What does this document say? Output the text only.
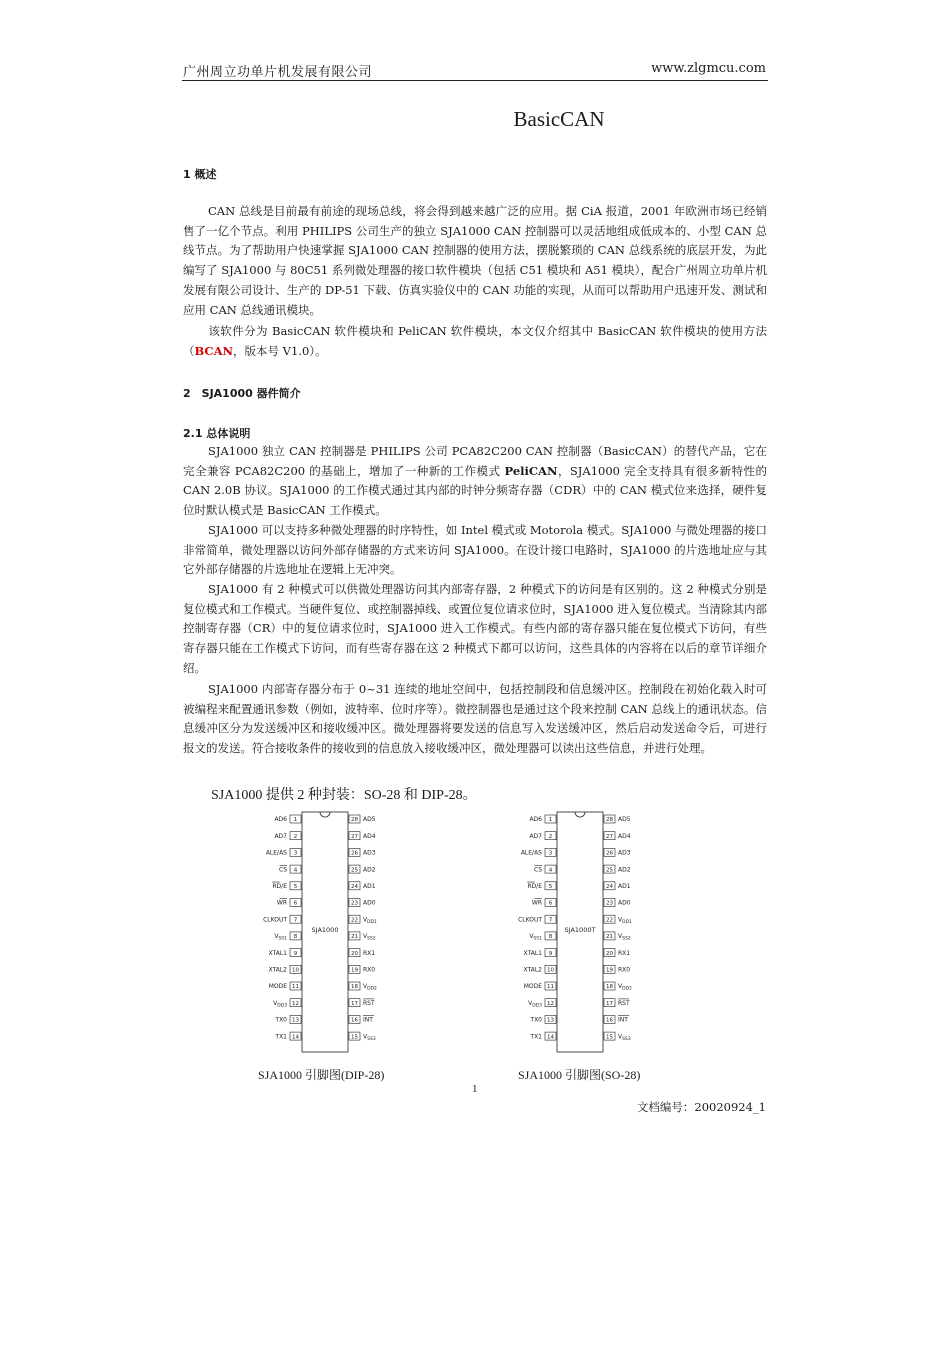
广州周立功单片机发展有限公司	www.zlgmcu.com
BasicCAN
1 概述
CAN 总线是目前最有前途的现场总线，将会得到越来越广泛的应用。据 CiA 报道，2001 年欧洲市场已经销售了一亿个节点。利用 PHILIPS 公司生产的独立 SJA1000 CAN 控制器可以灵活地组成低成本的、小型 CAN 总线节点。为了帮助用户快速掌握 SJA1000 CAN 控制器的使用方法，摆脱繁琐的 CAN 总线系统的底层开发，为此编写了 SJA1000 与 80C51 系列微处理器的接口软件模块（包括 C51 模块和 A51 模块），配合广州周立功单片机发展有限公司设计、生产的 DP-51 下载、仿真实验仪中的 CAN 功能的实现，从而可以帮助用户迅速开发、测试和应用 CAN 总线通讯模块。
该软件分为 BasicCAN 软件模块和 PeliCAN 软件模块，本文仅介绍其中 BasicCAN 软件模块的使用方法（BCAN，版本号 V1.0）。
2　SJA1000 器件简介
2.1 总体说明
SJA1000 独立 CAN 控制器是 PHILIPS 公司 PCA82C200 CAN 控制器（BasicCAN）的替代产品，它在完全兼容 PCA82C200 的基础上，增加了一种新的工作模式 PeliCAN，SJA1000 完全支持具有很多新特性的 CAN 2.0B 协议。SJA1000 的工作模式通过其内部的时钟分频寄存器（CDR）中的 CAN 模式位来选择，硬件复位时默认模式是 BasicCAN 工作模式。
SJA1000 可以支持多种微处理器的时序特性，如 Intel 模式或 Motorola 模式。SJA1000 与微处理器的接口非常简单，微处理器以访问外部存储器的方式来访问 SJA1000。在设计接口电路时，SJA1000 的片选地址应与其它外部存储器的片选地址在逻辑上无冲突。
SJA1000 有 2 种模式可以供微处理器访问其内部寄存器，2 种模式下的访问是有区别的。这 2 种模式分别是复位模式和工作模式。当硬件复位、或控制器掉线、或置位复位请求位时，SJA1000 进入复位模式。当清除其内部控制寄存器（CR）中的复位请求位时，SJA1000 进入工作模式。有些内部的寄存器只能在复位模式下访问，有些寄存器只能在工作模式下访问，而有些寄存器在这 2 种模式下都可以访问，这些具体的内容将在以后的章节详细介绍。
SJA1000 内部寄存器分布于 0~31 连续的地址空间中，包括控制段和信息缓冲区。控制段在初始化载入时可被编程来配置通讯参数（例如，波特率、位时序等）。微控制器也是通过这个段来控制 CAN 总线上的通讯状态。信息缓冲区分为发送缓冲区和接收缓冲区。微处理器将要发送的信息写入发送缓冲区，然后启动发送命令后，可进行报文的发送。符合接收条件的接收到的信息放入接收缓冲区，微处理器可以读出这些信息，并进行处理。
SJA1000 提供 2 种封装：SO-28 和 DIP-28。
SJA1000
1
AD6
2
AD7
3
ALE/AS
4
CS
5
RD/E
6
WR
7
CLKOUT
8
$V_{SS1}$
9
XTAL1
10
XTAL2
11
MODE
12
$V_{DD3}$
13
TX0
14
TX1
28 AD5
27 AD4
26 AD3
25 AD2
24 AD1
23 AD0
22 $V_{DD1}$
21 $V_{SS2}$
20 RX1
19 RX0
18 $V_{DD2}$
17 RST
16 INT
15 $V_{SS3}$
SJA1000T
1
AD6
2
AD7
3
ALE/AS
4
CS
5
RD/E
6
WR
7
CLKOUT
8
$V_{SS1}$
9
XTAL1
10
XTAL2
11
MODE
12
$V_{DD3}$
13
TX0
14
TX1
28 AD5
27 AD4
26 AD3
25 AD2
24 AD1
23 AD0
22 $V_{DD1}$
21 $V_{SS2}$
20 RX1
19 RX0
18 $V_{DD2}$
17 RST
16 INT
15 $V_{SS3}$
SJA1000 引脚图(DIP-28)	SJA1000 引脚图(SO-28)
1
文档编号：20020924_1
